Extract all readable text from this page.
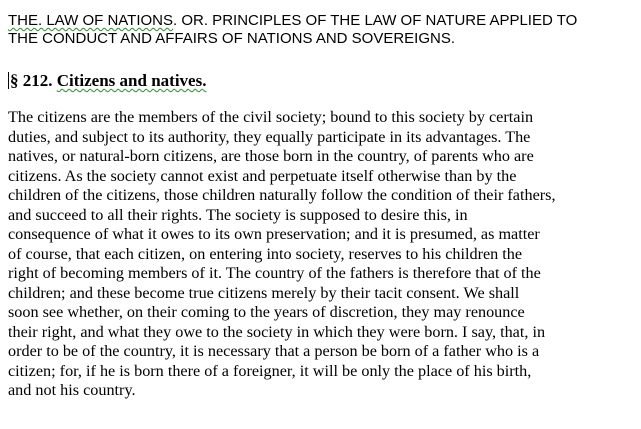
THE. LAW OF NATIONS. OR. PRINCIPLES OF THE LAW OF NATURE APPLIED TO
THE CONDUCT AND AFFAIRS OF NATIONS AND SOVEREIGNS.
§ 212. Citizens and natives.
The citizens are the members of the civil society; bound to this society by certain
duties, and subject to its authority, they equally participate in its advantages. The
natives, or natural-born citizens, are those born in the country, of parents who are
citizens. As the society cannot exist and perpetuate itself otherwise than by the
children of the citizens, those children naturally follow the condition of their fathers,
and succeed to all their rights. The society is supposed to desire this, in
consequence of what it owes to its own preservation; and it is presumed, as matter
of course, that each citizen, on entering into society, reserves to his children the
right of becoming members of it. The country of the fathers is therefore that of the
children; and these become true citizens merely by their tacit consent. We shall
soon see whether, on their coming to the years of discretion, they may renounce
their right, and what they owe to the society in which they were born. I say, that, in
order to be of the country, it is necessary that a person be born of a father who is a
citizen; for, if he is born there of a foreigner, it will be only the place of his birth,
and not his country.
